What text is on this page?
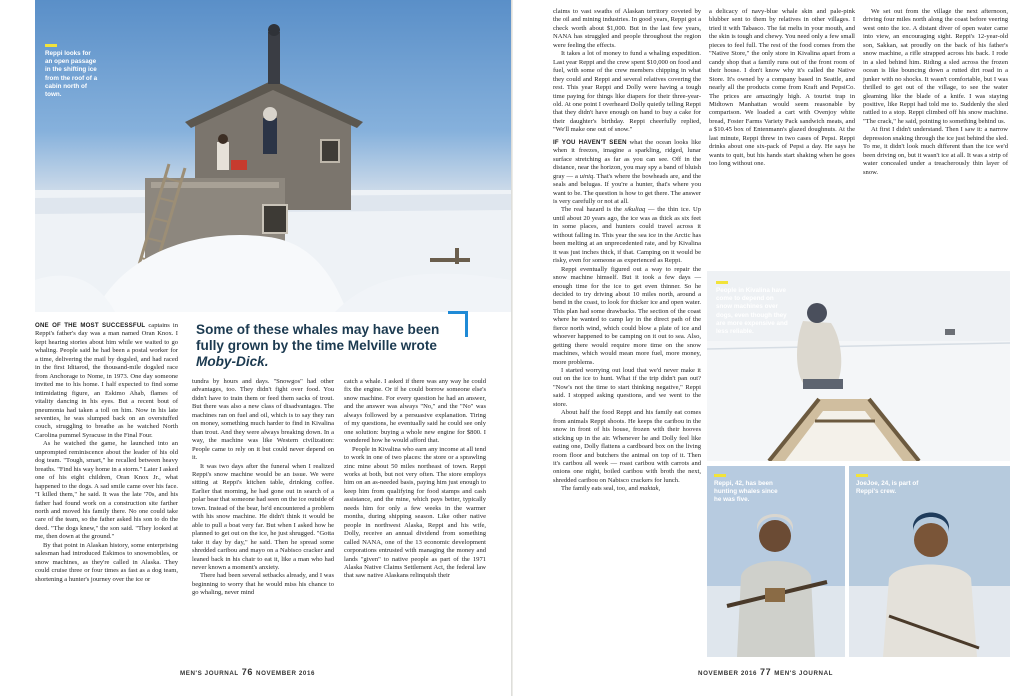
Reppi looks for an open passage in the shifting ice from the roof of a cabin north of town.
Some of these whales may have been fully grown by the time Melville wrote Moby-Dick.

ONE OF THE MOST SUCCESSFUL captains in Reppi's father's day was a man named Oran Knox. I kept hearing stories about him while we waited to go whaling. People said he had been a postal worker for a time, delivering the mail by dogsled, and had raced in the first Iditarod, the thousand-mile dogsled race from Anchorage to Nome, in 1973. One day someone invited me to his home. I half expected to find some intimidating figure, an Eskimo Ahab, flames of vitality dancing in his eyes. But a recent bout of pneumonia had taken a toll on him. Now in his late seventies, he was slumped back on an overstuffed couch, struggling to breathe as he watched North Carolina pummel Syracuse in the Final Four.

As he watched the game, he launched into an unprompted reminiscence about the leader of his old dog team. "Tough, smart," he recalled between heavy breaths. "Find his way home in a storm." Later I asked one of his eight children, Oran Knox Jr., what happened to the dogs. A sad smile came over his face. "I killed them," he said. It was the late '70s, and his father had found work on a construction site farther north and moved his family there. No one could take care of the team, so the father asked his son to do the deed. "The dogs knew," the son said. "They looked at me, then down at the ground."

By that point in Alaskan history, some enterprising salesman had introduced Eskimos to snowmobiles, or snow machines, as they're called in Alaska. They could cruise three or four times as fast as a dog team, shortening a hunter's journey over the ice or

tundra by hours and days. "Snowgos" had other advantages, too. They didn't fight over food. You didn't have to train them or feed them sacks of trout. But there was also a new class of disadvantages. The machines ran on fuel and oil, which is to say they ran on money, something much harder to find in Kivalina than trout. And they were always breaking down. In a way, the machine was like Western civilization: People came to rely on it but could never depend on it.

It was two days after the funeral when I realized Reppi's snow machine would be an issue. We were sitting at Reppi's kitchen table, drinking coffee. Earlier that morning, he had gone out in search of a polar bear that someone had seen on the ice outside of town. Instead of the bear, he'd encountered a problem with his snow machine. He didn't think it would be able to pull a boat very far. But when I asked how he planned to get out on the ice, he just shrugged. "Gotta take it day by day," he said. Then he spread some shredded caribou and mayo on a Nabisco cracker and leaned back in his chair to eat it, like a man who had never known a moment's anxiety.

There had been several setbacks already, and I was beginning to worry that he would miss his chance to go whaling, never mind

catch a whale. I asked if there was any way he could fix the engine. Or if he could borrow someone else's snow machine. For every question he had an answer, and the answer was always "No," and the "No" was always followed by a persuasive explanation. Tiring of my questions, he eventually said he could see only one solution: buying a whole new engine for $800. I wondered how he would afford that.

People in Kivalina who earn any income at all tend to work in one of two places: the store or a sprawling zinc mine about 50 miles northeast of town. Reppi works at both, but not very often. The store employs him on an as-needed basis, paying him just enough to keep him from qualifying for food stamps and cash assistance, and the mine, which pays better, typically needs him for only a few weeks in the warmer months, during shipping season. Like other native people in northwest Alaska, Reppi and his wife, Dolly, receive an annual dividend from something called NANA, one of the 13 economic development corporations entrusted with managing the money and lands "given" to native people as part of the 1971 Alaska Native Claims Settlement Act, the federal law that saw native Alaskans relinquish their

MEN'S JOURNAL 76 NOVEMBER 2016

claims to vast swaths of Alaskan territory coveted by the oil and mining industries. In good years, Reppi got a check worth about $1,000. But in the last few years, NANA has struggled and people throughout the region were feeling the effects.

It takes a lot of money to fund a whaling expedition. Last year Reppi and the crew spent $10,000 on food and fuel, with some of the crew members chipping in what they could and Reppi and several relatives covering the rest. This year Reppi and Dolly were having a tough time paying for things like diapers for their three-year-old. At one point I overheard Dolly quietly telling Reppi that they didn't have enough on hand to buy a cake for their daughter's birthday. Reppi cheerfully replied, "We'll make one out of snow."

IF YOU HAVEN'T SEEN what the ocean looks like when it freezes, imagine a sparkling, ridged, lunar surface stretching as far as you can see. Off in the distance, near the horizon, you may spy a band of bluish gray — a uiniq. That's where the bowheads are, and the seals and belugas. If you're a hunter, that's where you want to be. The question is how to get there. The answer is very carefully or not at all.

The real hazard is the sikuliaq — the thin ice. Up until about 20 years ago, the ice was as thick as six feet in some places, and hunters could travel across it without falling in. This year the sea ice in the Arctic has been melting at an unprecedented rate, and by Kivalina it was just inches thick, if that. Camping on it would be risky, even for someone as experienced as Reppi.

Reppi eventually figured out a way to repair the snow machine himself. But it took a few days — enough time for the ice to get even thinner. So he decided to try driving about 10 miles north, around a bend in the coast, to look for thicker ice and open water. This plan had some drawbacks. The section of the coast where he wanted to camp lay in the direct path of the fierce north wind, which could blow a plate of ice and whoever happened to be camping on it out to sea. Also, getting there would require more time on the snow machines, which would mean more fuel, more money, more problems.

I started worrying out loud that we'd never make it out on the ice to hunt. What if the trip didn't pan out? "Now's not the time to start thinking negative," Reppi said. I stopped asking questions, and we went to the store.

About half the food Reppi and his family eat comes from animals Reppi shoots. He keeps the caribou in the snow in front of his house, frozen with their hooves sticking up in the air. Whenever he and Dolly feel like eating one, Dolly flattens a cardboard box on the living room floor and butchers the animal on top of it. Then it's caribou all week — roast caribou with carrots and onions one night, boiled caribou with broth the next, shredded caribou on Nabisco crackers for lunch.

The family eats seal, too, and maktak,

a delicacy of navy-blue whale skin and pale-pink blubber sent to them by relatives in other villages. I tried it with Tabasco. The fat melts in your mouth, and the skin is tough and chewy. You need only a few small pieces to feel full. The rest of the food comes from the "Native Store," the only store in Kivalina apart from a candy shop that a family runs out of the front room of their house. I don't know why it's called the Native Store. It's owned by a company based in Seattle, and nearly all the products come from Kraft and PepsiCo. The prices are amazingly high. A tourist trap in Midtown Manhattan would seem reasonable by comparison. We loaded a cart with Ovenjoy white bread, Foster Farms Variety Pack sandwich meats, and a $10.45 box of Entenmann's glazed doughnuts. At the last minute, Reppi threw in two cases of Pepsi. Reppi drinks about one six-pack of Pepsi a day. He says he wants to quit, but his hands start shaking when he goes too long without one.

We set out from the village the next afternoon, driving four miles north along the coast before veering west onto the ice. A distant diver of open water came into view, an encouraging sight. Reppi's 12-year-old son, Sakkan, sat proudly on the back of his father's snow machine, a rifle strapped across his back. I rode in a sled behind him. Riding a sled across the frozen ocean is like bouncing down a rutted dirt road in a junker with no shocks. It wasn't comfortable, but I was thrilled to get out of the village, to see the water gleaming like the blade of a knife. I was staying positive, like Reppi had told me to. Suddenly the sled rattled to a stop. Reppi climbed off his snow machine. "The crack," he said, pointing to something behind us.

At first I didn't understand. Then I saw it: a narrow depression snaking through the ice just behind the sled. To me, it didn't look much different than the ice we'd been driving on, but it wasn't ice at all. It was a strip of water concealed under a treacherously thin layer of snow.

People in Kivalina have come to depend on snow machines over dogs, even though they are more expensive and less reliable.
Reppi, 42, has been hunting whales since he was five.
JoeJoe, 24, is part of Reppi's crew.
NOVEMBER 2016 77 MEN'S JOURNAL
